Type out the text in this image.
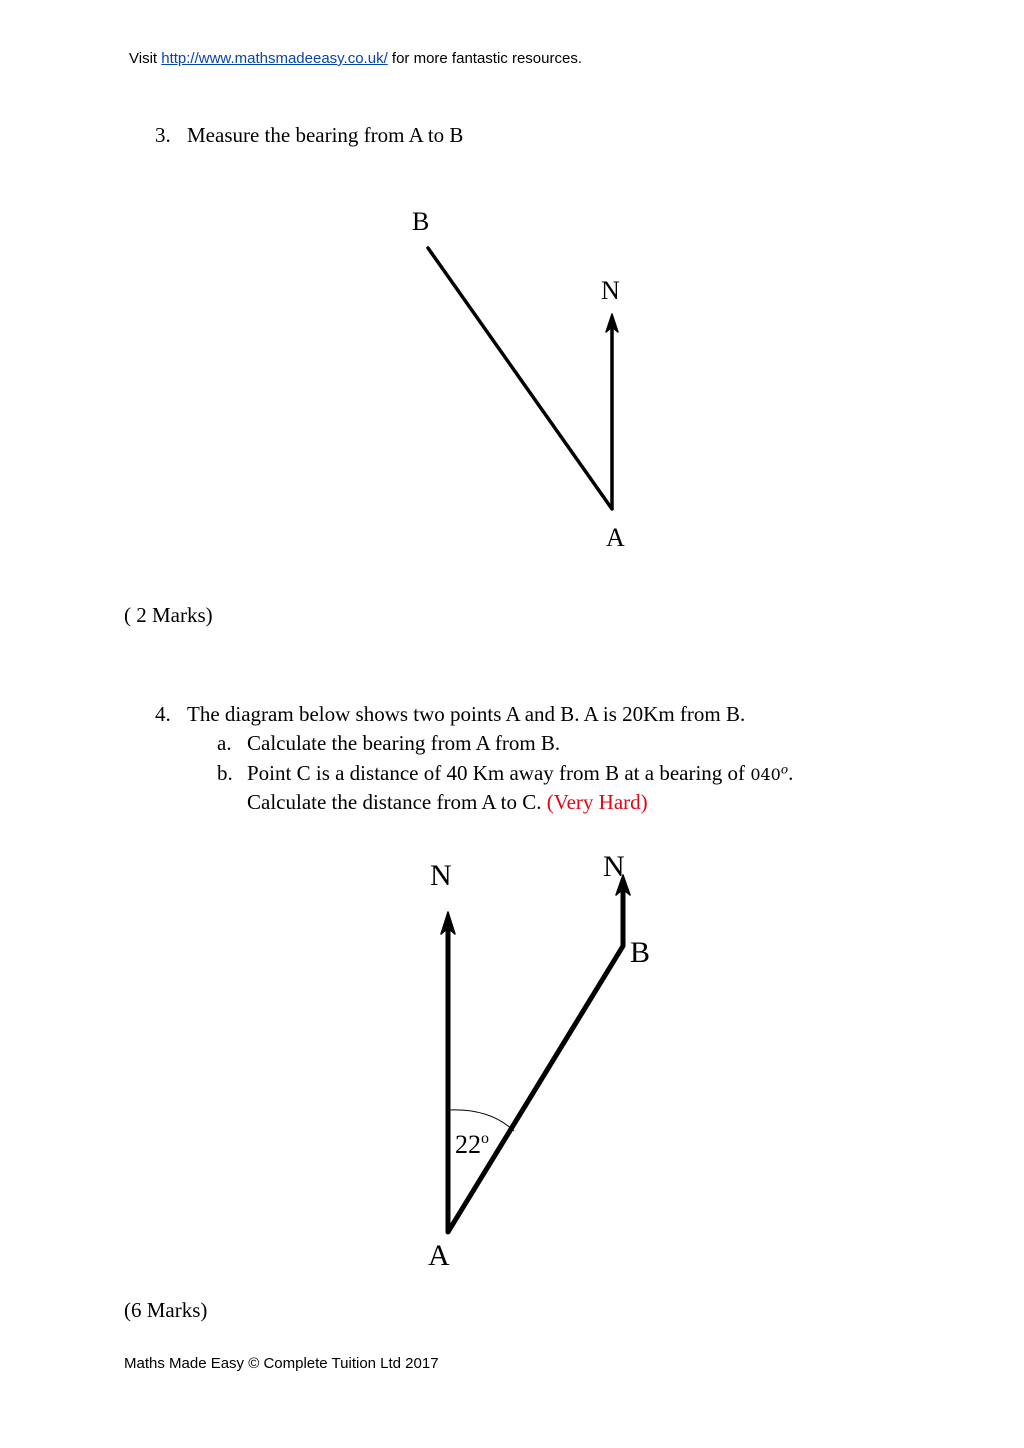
Visit http://www.mathsmadeeasy.co.uk/ for more fantastic resources.
3. Measure the bearing from A to B
B
N
A
( 2 Marks)
4. The diagram below shows two points A and B. A is 20Km from B.
a. Calculate the bearing from A from B.
b. Point C is a distance of 40 Km away from B at a bearing of 040$^o$.
Calculate the distance from A to C. (Very Hard)
N	N
22$^o$
B
A
(6 Marks)
Maths Made Easy © Complete Tuition Ltd 2017
